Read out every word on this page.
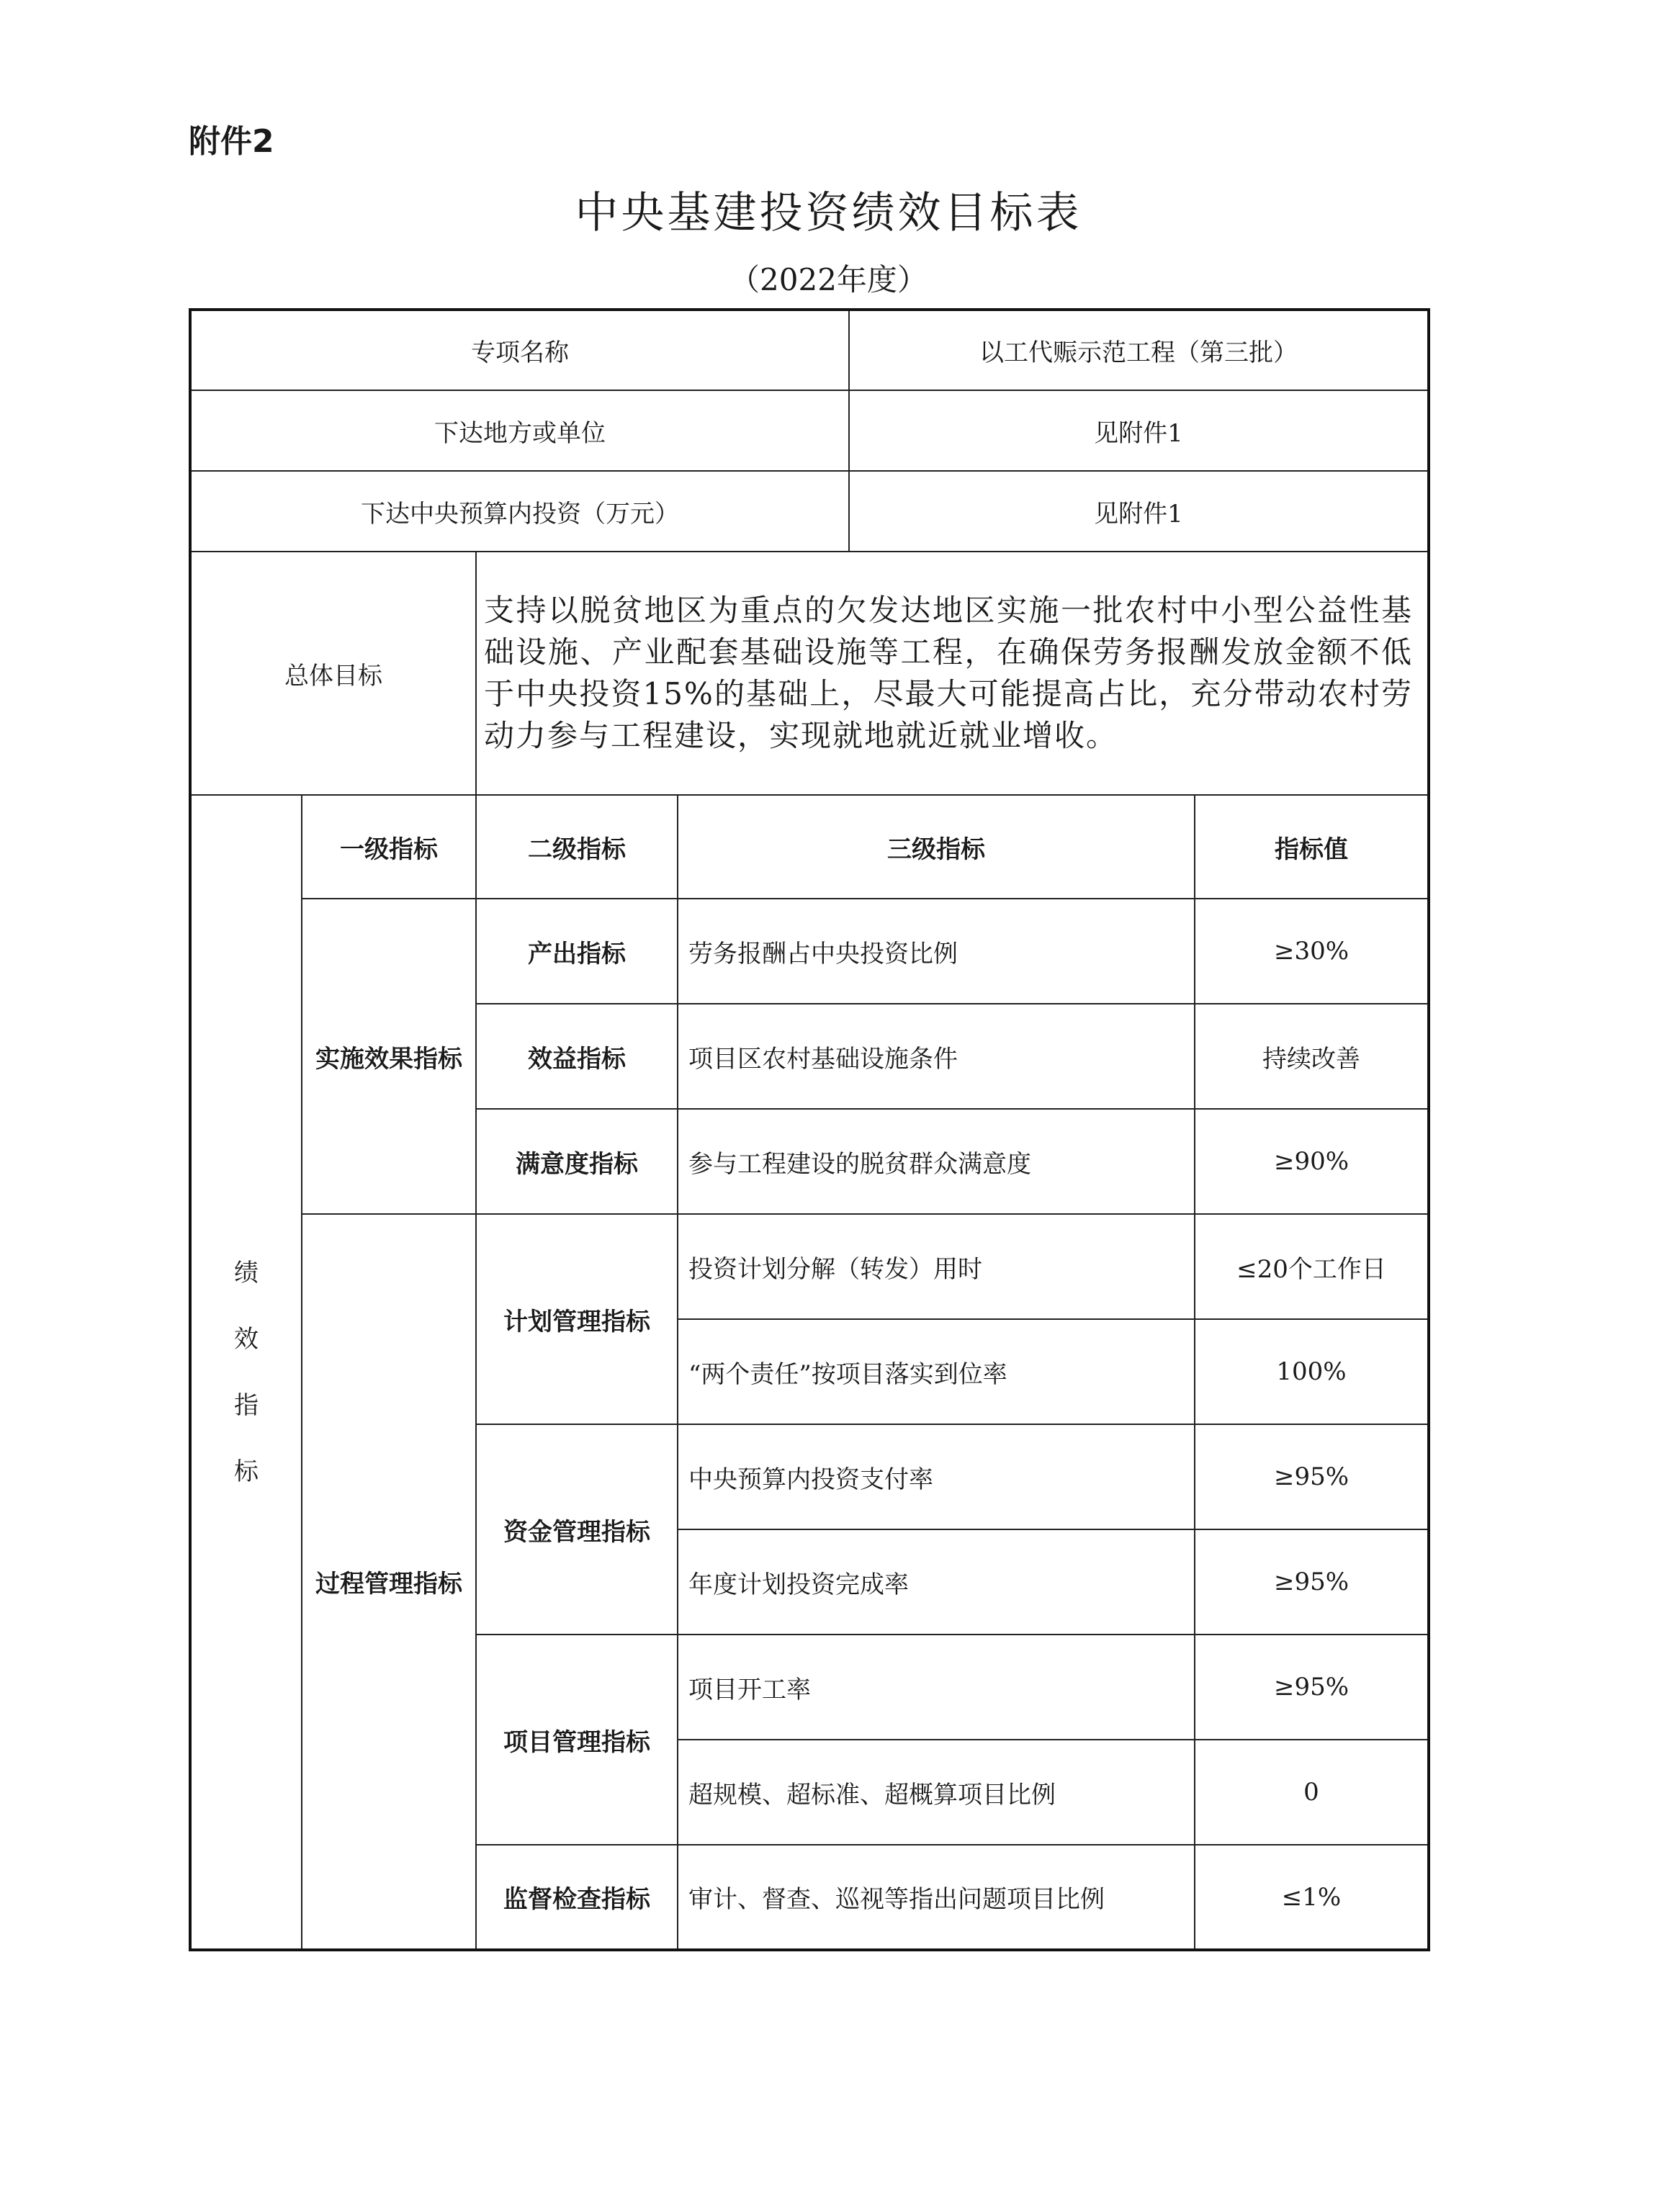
附件2
中央基建投资绩效目标表
（2022年度）
专项名称				以工代赈示范工程（第三批）	
下达地方或单位				见附件1	
下达中央预算内投资（万元）				见附件1	
总体目标		支持以脱贫地区为重点的欠发达地区实施一批农村中小型公益性基础设施、产业配套基础设施等工程，在确保劳务报酬发放金额不低于中央投资15%的基础上，尽最大可能提高占比，充分带动农村劳动力参与工程建设，实现就地就近就业增收。			

绩
效
指
标	一级指标	二级指标	三级指标		指标值
	实施效果指标	产出指标	劳务报酬占中央投资比例		≥30%
		效益指标	项目区农村基础设施条件		持续改善
		满意度指标	参与工程建设的脱贫群众满意度		≥90%
	过程管理指标	计划管理指标	投资计划分解（转发）用时		≤20个工作日
			“两个责任”按项目落实到位率		100%
		资金管理指标	中央预算内投资支付率		≥95%
			年度计划投资完成率		≥95%
		项目管理指标	项目开工率		≥95%
			超规模、超标准、超概算项目比例		0
		监督检查指标	审计、督查、巡视等指出问题项目比例		≤1%
